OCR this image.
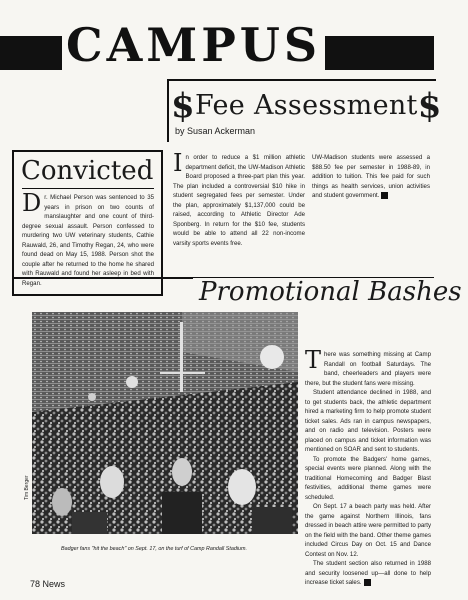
CAMPUS
$Fee Assessment$
by Susan Ackerman
In order to reduce a $1 million athletic department deficit, the UW-Madison Athletic Board proposed a three-part plan this year. The plan included a controversial $10 hike in student segregated fees per semester. Under the plan, approximately $1,137,000 could be raised, according to Athletic Director Ade Sponberg. In return for the $10 fee, students would be able to attend all 22 non-income varsity sports events free.
UW-Madison students were assessed a $88.50 fee per semester in 1988-89, in addition to tuition. This fee paid for such things as health services, union activities and student government.
Convicted
Dr. Michael Person was sentenced to 35 years in prison on two counts of manslaughter and one count of third-degree sexual assault. Person confessed to murdering two UW veterinary students, Cathie Rauwald, 26, and Timothy Regan, 24, who were found dead on May 15, 1988. Person shot the couple after he returned to the home he shared with Rauwald and found her asleep in bed with Regan.	Promotional Bashes
Tim Berger
Badger fans "hit the beach" on Sept. 17, on the turf of Camp Randall Stadium.

There was something missing at Camp Randall on football Saturdays. The band, cheerleaders and players were there, but the student fans were missing.

Student attendance declined in 1988, and to get students back, the athletic department hired a marketing firm to help promote student ticket sales. Ads ran in campus newspapers, and on radio and television. Posters were placed on campus and ticket information was mentioned on SOAR and sent to students.

To promote the Badgers' home games, special events were planned. Along with the traditional Homecoming and Badger Blast festivities, additional theme games were scheduled.

On Sept. 17 a beach party was held. After the game against Northern Illinois, fans dressed in beach attire were permitted to party on the field with the band. Other theme games included Circus Day on Oct. 15 and Dance Contest on Nov. 12.

The student section also returned in 1988 and security loosened up—all done to help increase ticket sales.

78 News
